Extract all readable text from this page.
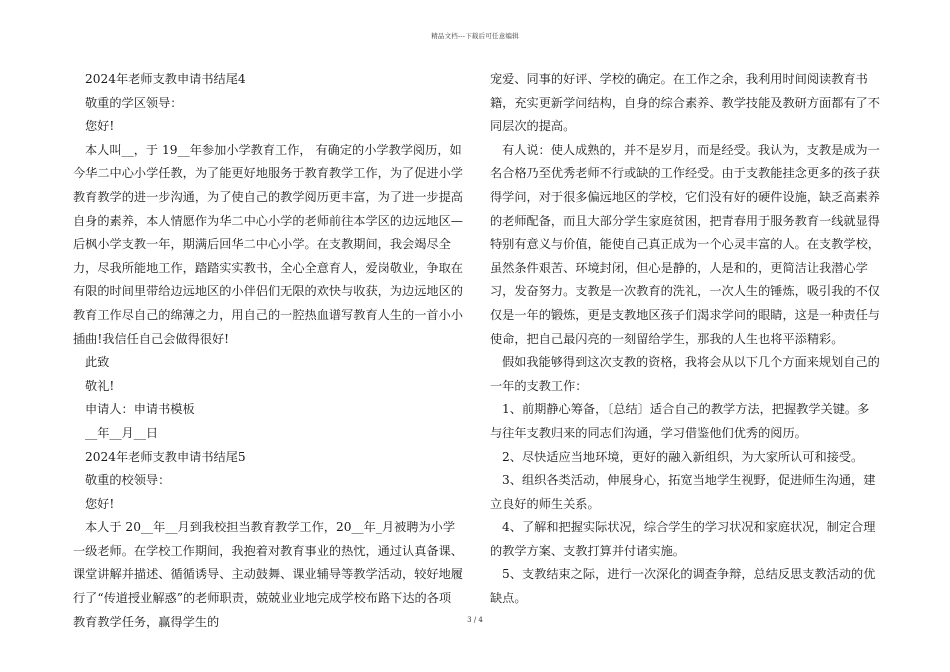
精品文档---下载后可任意编辑

2024年老师支教申请书结尾4

敬重的学区领导：

您好!

本人叫__，于 19__年参加小学教育工作， 有确定的小学教学阅历，如今华二中心小学任教，为了能更好地服务于教育教学工作，为了促进小学教育教学的进一步沟通，为了使自己的教学阅历更丰富，为了进一步提高自身的素养，本人情愿作为华二中心小学的老师前往本学区的边远地区—后枫小学支教一年，期满后回华二中心小学。在支教期间，我会竭尽全力，尽我所能地工作，踏踏实实教书，全心全意育人，爱岗敬业，争取在有限的时间里带给边远地区的小伴侣们无限的欢快与收获，为边远地区的教育工作尽自己的绵薄之力，用自己的一腔热血谱写教育人生的一首小小插曲!我信任自己会做得很好!

此致

敬礼!

申请人：申请书模板

__年__月__日

2024年老师支教申请书结尾5

敬重的校领导：

您好!

本人于 20__年__月到我校担当教育教学工作，20__年_月被聘为小学一级老师。在学校工作期间，我抱着对教育事业的热忱，通过认真备课、课堂讲解并描述、循循诱导、主动鼓舞、课业辅导等教学活动，较好地履行了“传道授业解惑”的老师职责，兢兢业业地完成学校布路下达的各项教育教学任务，赢得学生的

宠爱、同事的好评、学校的确定。在工作之余，我利用时间阅读教育书籍，充实更新学问结构，自身的综合素养、教学技能及教研方面都有了不同层次的提高。

有人说：使人成熟的，并不是岁月，而是经受。我认为，支教是成为一名合格乃至优秀老师不行或缺的工作经受。由于支教能挂念更多的孩子获得学问，对于很多偏远地区的学校，它们没有好的硬件设施，缺乏高素养的老师配备，而且大部分学生家庭贫困，把青春用于服务教育一线就显得特别有意义与价值，能使自己真正成为一个心灵丰富的人。在支教学校，虽然条件艰苦、环境封闭，但心是静的，人是和的，更简洁让我潜心学习，发奋努力。支教是一次教育的洗礼，一次人生的锤炼，吸引我的不仅仅是一年的锻炼，更是支教地区孩子们渴求学问的眼睛，这是一种责任与使命，把自己最闪亮的一刻留给学生，那我的人生也将平添精彩。

假如我能够得到这次支教的资格，我将会从以下几个方面来规划自己的一年的支教工作：

1、前期静心筹备，〔总结〕适合自己的教学方法，把握教学关键。多与往年支教归来的同志们沟通，学习借鉴他们优秀的阅历。

2、尽快适应当地环境，更好的融入新组织，为大家所认可和接受。

3、组织各类活动，伸展身心，拓宽当地学生视野，促进师生沟通，建立良好的师生关系。

4、了解和把握实际状况，综合学生的学习状况和家庭状况，制定合理的教学方案、支教打算并付诸实施。

5、支教结束之际，进行一次深化的调查争辩，总结反思支教活动的优缺点。

3 / 4
